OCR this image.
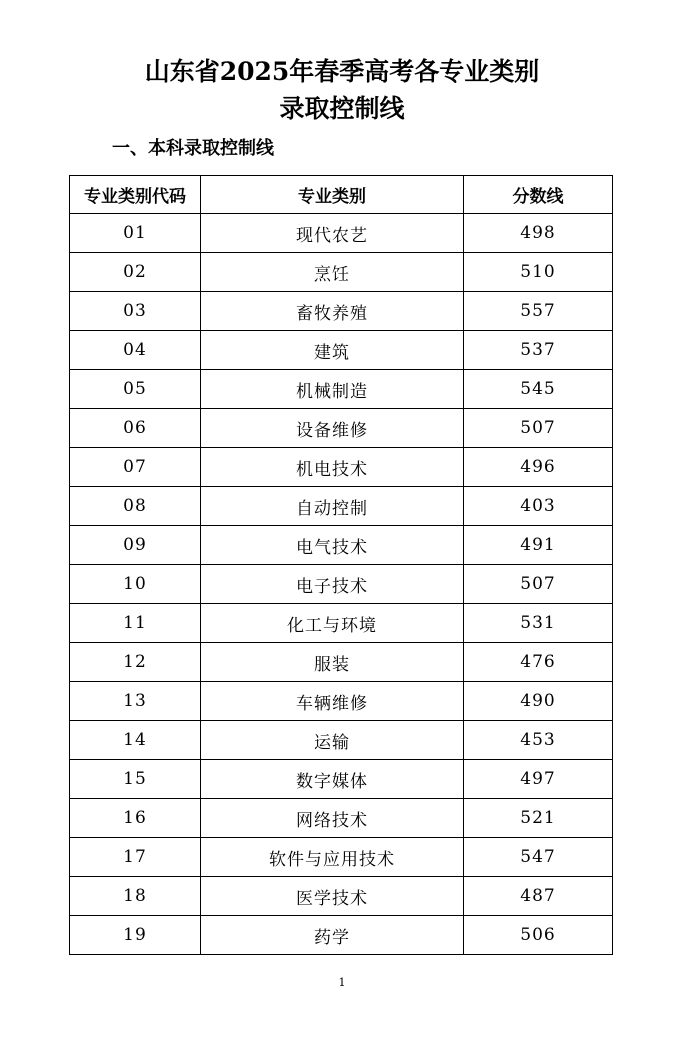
山东省2025年春季高考各专业类别
录取控制线
一、本科录取控制线
专业类别代码	专业类别	分数线
01	现代农艺	498
02	烹饪	510
03	畜牧养殖	557
04	建筑	537
05	机械制造	545
06	设备维修	507
07	机电技术	496
08	自动控制	403
09	电气技术	491
10	电子技术	507
11	化工与环境	531
12	服装	476
13	车辆维修	490
14	运输	453
15	数字媒体	497
16	网络技术	521
17	软件与应用技术	547
18	医学技术	487
19	药学	506
1
